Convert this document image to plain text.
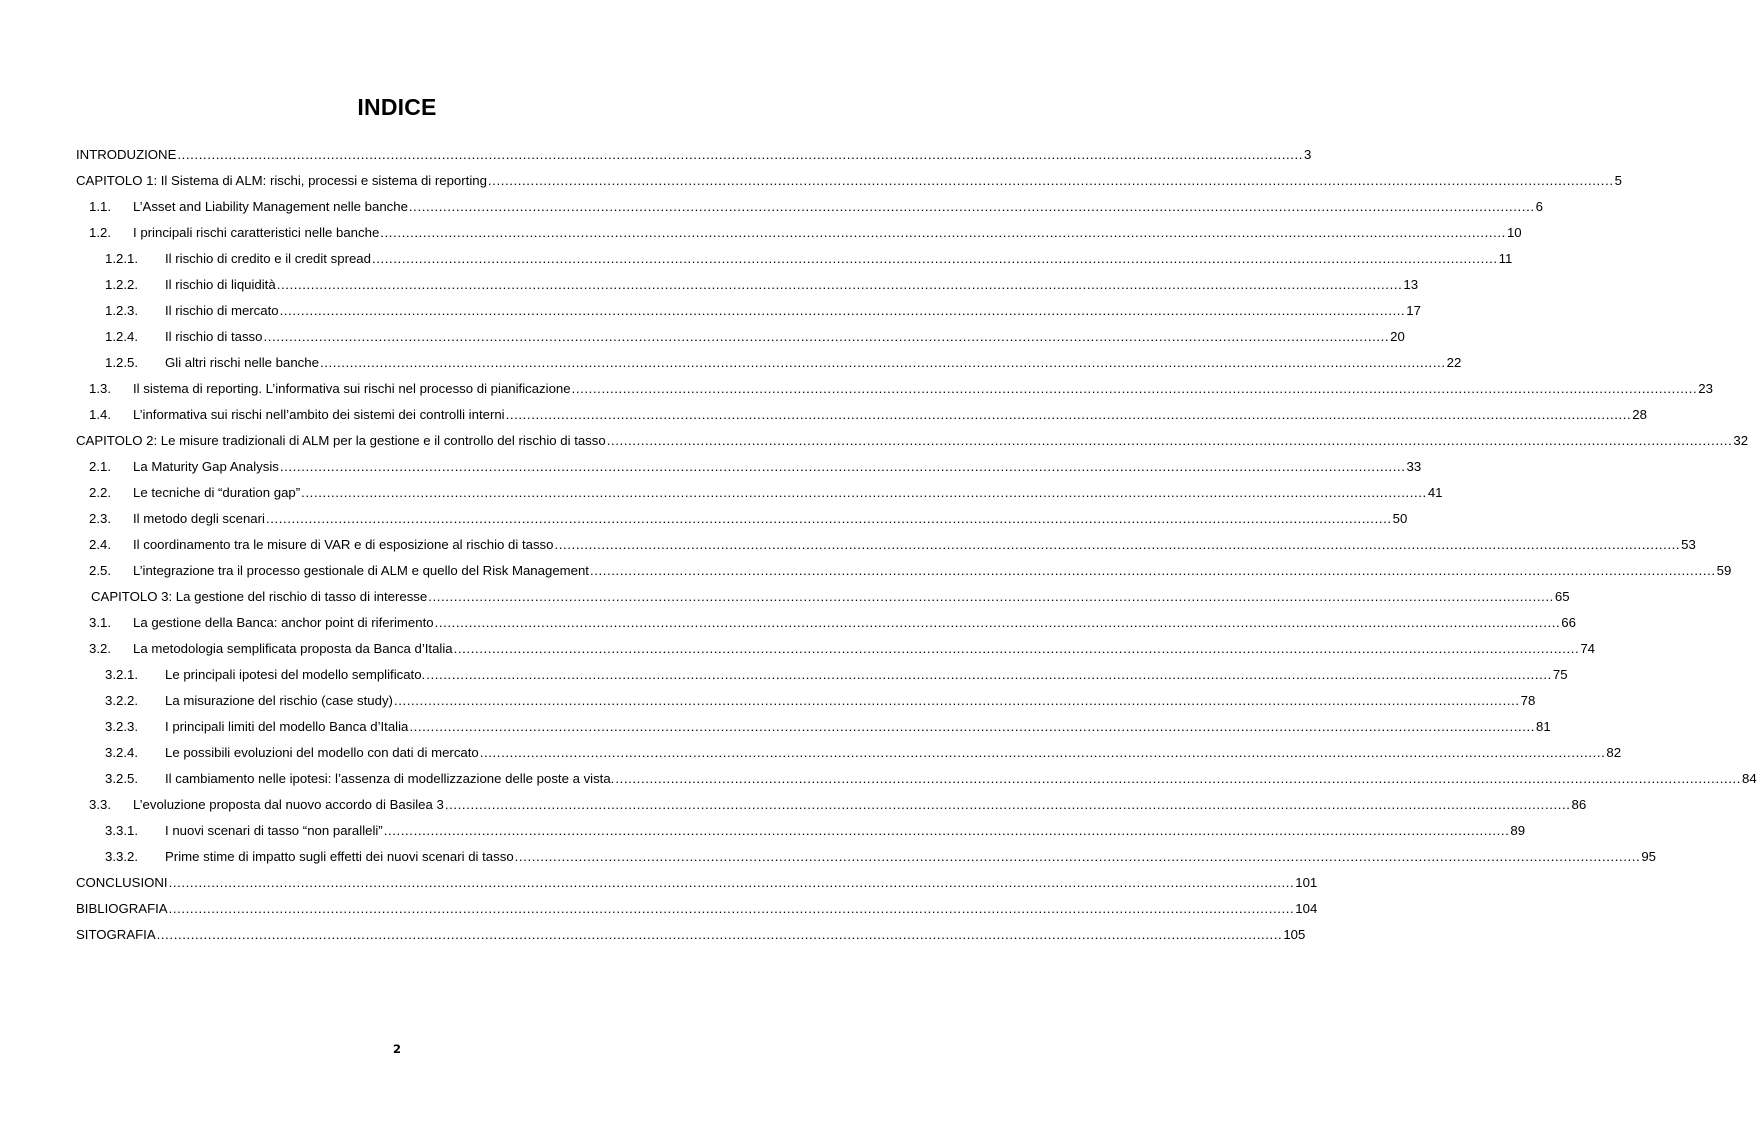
INDICE
INTRODUZIONE .....	3
CAPITOLO 1: Il Sistema di ALM: rischi, processi e sistema di reporting .....	5
1.1.	L’Asset and Liability Management nelle banche .....	6
1.2.	I principali rischi caratteristici nelle banche .....	10
1.2.1.	Il rischio di credito e il credit spread .....	11
1.2.2.	Il rischio di liquidità .....	13
1.2.3.	Il rischio di mercato .....	17
1.2.4.	Il rischio di tasso .....	20
1.2.5.	Gli altri rischi nelle banche .....	22
1.3.	Il sistema di reporting. L’informativa sui rischi nel processo di pianificazione .....	23
1.4.	L’informativa sui rischi nell’ambito dei sistemi dei controlli interni .....	28
CAPITOLO 2: Le misure tradizionali di ALM per la gestione e il controllo del rischio di tasso .....	32
2.1.	La Maturity Gap Analysis .....	33
2.2.	Le tecniche di “duration gap” .....	41
2.3.	Il metodo degli scenari .....	50
2.4.	Il coordinamento tra le misure di VAR e di esposizione al rischio di tasso .....	53
2.5.	L’integrazione tra il processo gestionale di ALM e quello del Risk Management .....	59
CAPITOLO 3: La gestione del rischio di tasso di interesse .....	65
3.1.	La gestione della Banca: anchor point di riferimento .....	66
3.2.	La metodologia semplificata proposta da Banca d’Italia .....	74
3.2.1.	Le principali ipotesi del modello semplificato. .....	75
3.2.2.	La misurazione del rischio (case study) .....	78
3.2.3.	I principali limiti del modello Banca d’Italia .....	81
3.2.4.	Le possibili evoluzioni del modello con dati di mercato .....	82
3.2.5.	Il cambiamento nelle ipotesi: l’assenza di modellizzazione delle poste a vista. .....	84
3.3.	L’evoluzione proposta dal nuovo accordo di Basilea 3 .....	86
3.3.1.	I nuovi scenari di tasso “non paralleli” .....	89
3.3.2.	Prime stime di impatto sugli effetti dei nuovi scenari di tasso .....	95
CONCLUSIONI .....	101
BIBLIOGRAFIA .....	104
SITOGRAFIA .....	105
2
